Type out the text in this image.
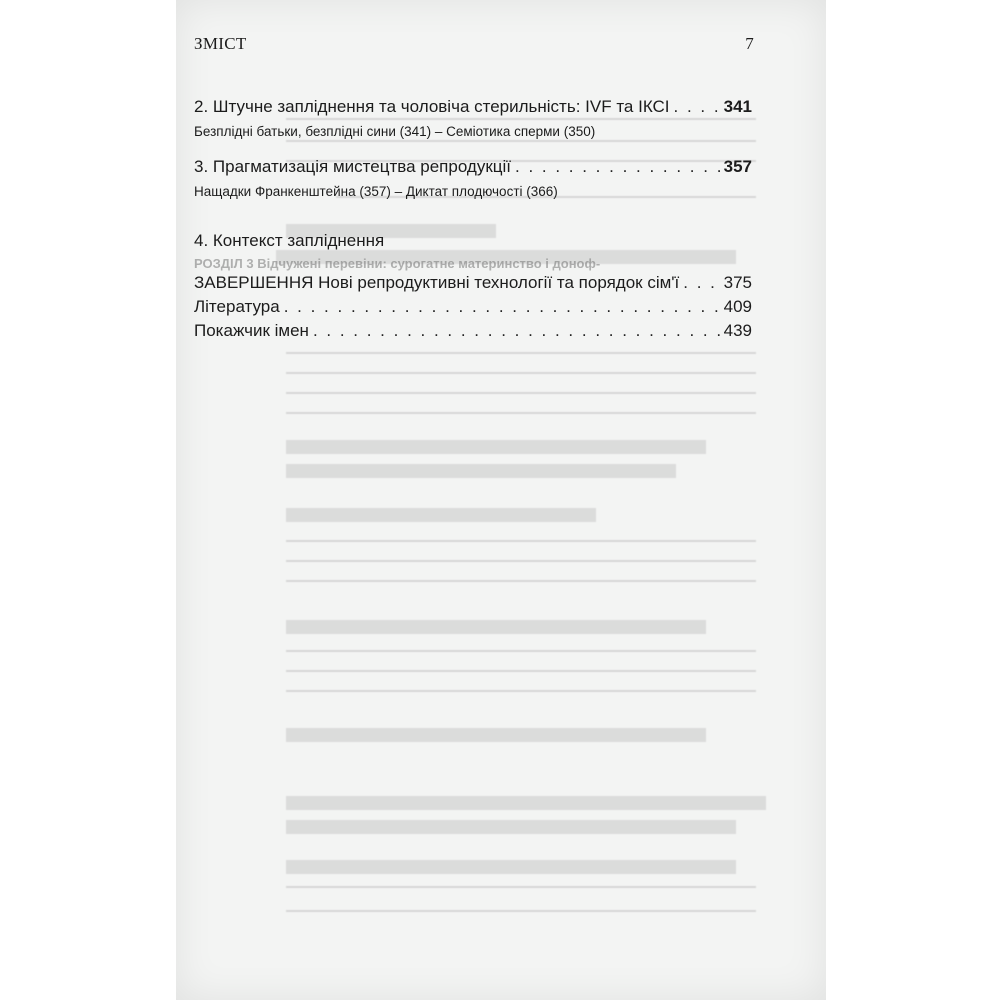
ЗМІСТ	7
2. Штучне запліднення та чоловіча стерильність: IVF та ІКСІ . . .	341
Безплідні батьки, безплідні сини (341) – Семіотика сперми (350)
3. Прагматизація мистецтва репродукції . . .	357
Нащадки Франкенштейна (357) – Диктат плодючості (366)
4. Контекст запліднення
РОЗДІЛ 3 Відчужені перевіни: сурогатне материнство і доноф-
ЗАВЕРШЕННЯ Нові репродуктивні технології та порядок сім'ї . . .	375
Література . . .	409
Покажчик імен . . .	439
